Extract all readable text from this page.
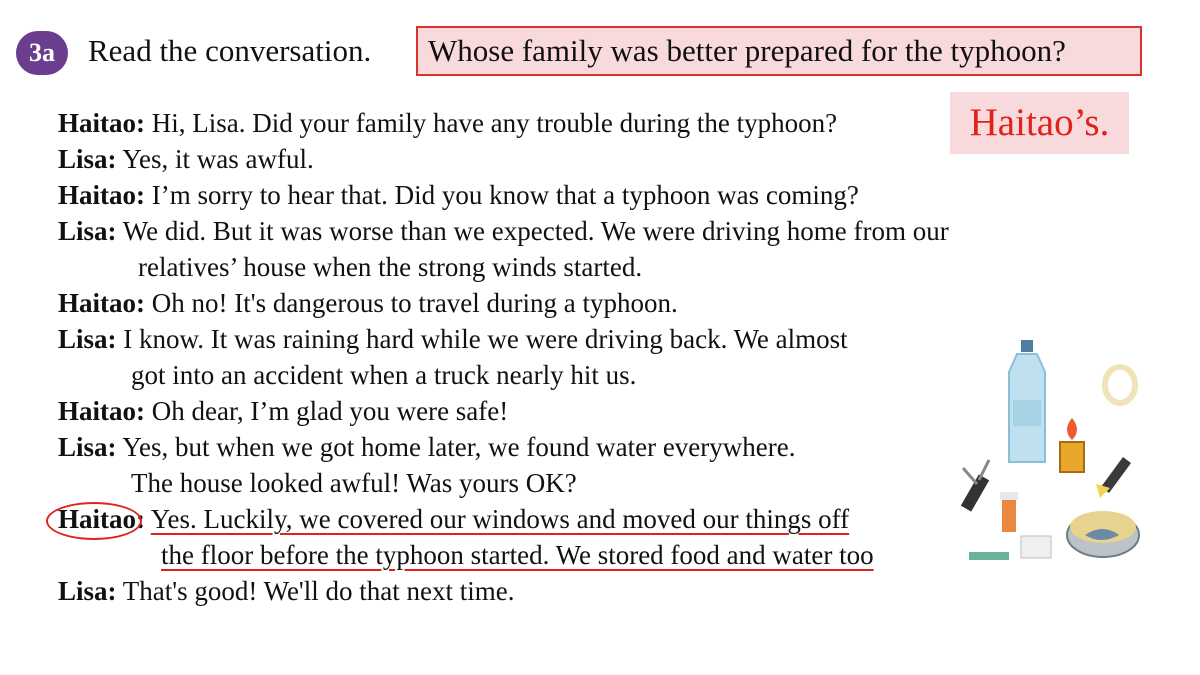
3a	Read the conversation.	Whose family was better prepared for the typhoon?
Haitao’s.
Haitao: Hi, Lisa. Did your family have any trouble during the typhoon?
Lisa: Yes, it was awful.
Haitao: I’m sorry to hear that. Did you know that a typhoon was coming?
Lisa: We did. But it was worse than we expected. We were driving home from our
relatives’ house when the strong winds started.
Haitao: Oh no! It's dangerous to travel during a typhoon.
Lisa: I know. It was raining hard while we were driving back. We almost
got into an accident when a truck nearly hit us.
Haitao: Oh dear, I’m glad you were safe!
Lisa: Yes, but when we got home later, we found water everywhere.
The house looked awful! Was yours OK?
Haitao: Yes. Luckily, we covered our windows and moved our things off
the floor before the typhoon started. We stored food and water too
Lisa: That's good! We'll do that next time.
